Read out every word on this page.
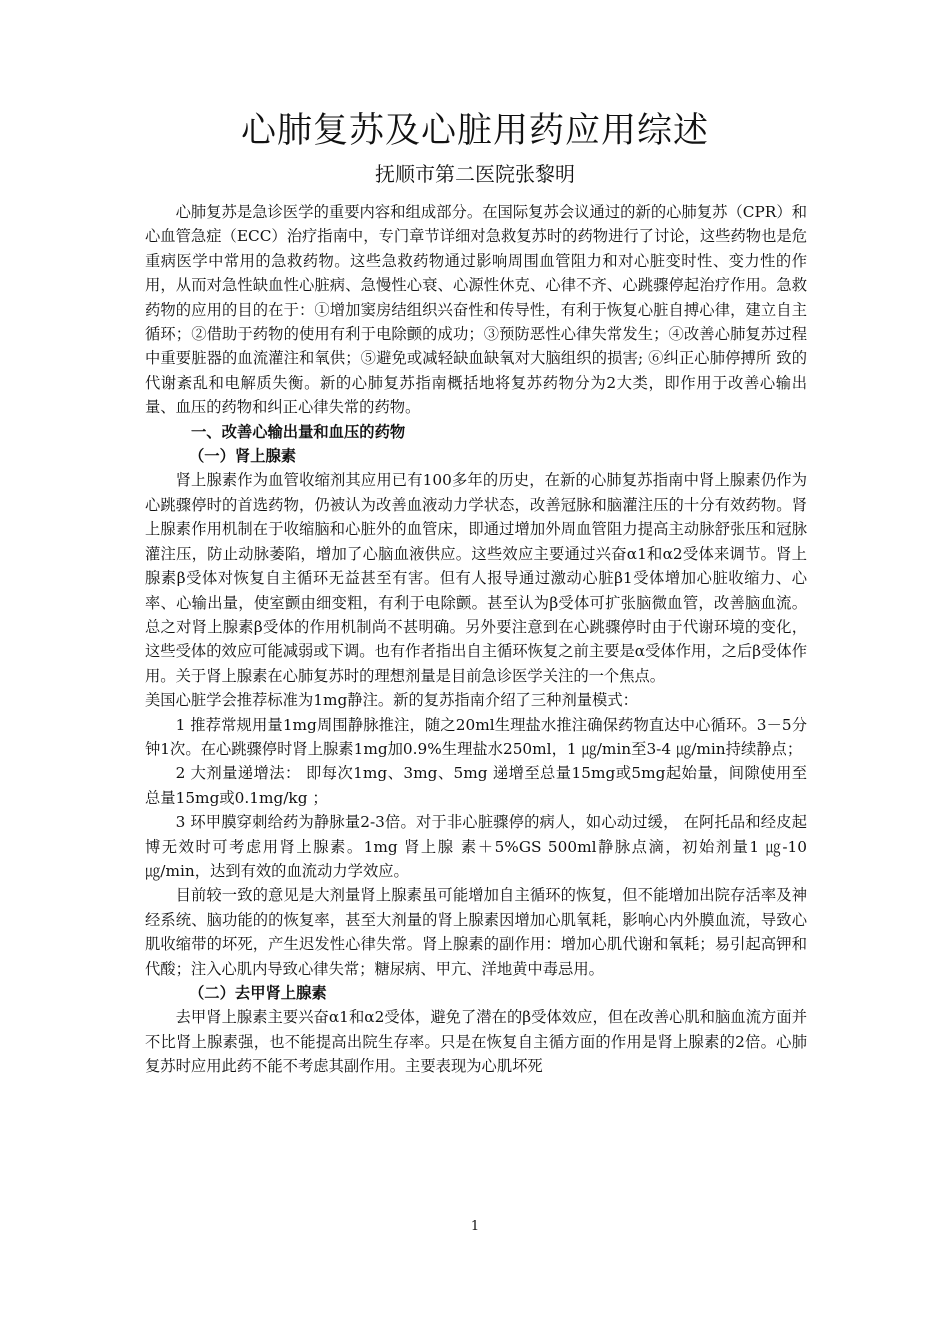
心肺复苏及心脏用药应用综述
抚顺市第二医院张黎明

心肺复苏是急诊医学的重要内容和组成部分。在国际复苏会议通过的新的心肺复苏（CPR）和心血管急症（ECC）治疗指南中，专门章节详细对急救复苏时的药物进行了讨论，这些药物也是危重病医学中常用的急救药物。这些急救药物通过影响周围血管阻力和对心脏变时性、变力性的作用，从而对急性缺血性心脏病、急慢性心衰、心源性休克、心律不齐、心跳骤停起治疗作用。急救药物的应用的目的在于：①增加窦房结组织兴奋性和传导性，有利于恢复心脏自搏心律，建立自主循环；②借助于药物的使用有利于电除颤的成功；③预防恶性心律失常发生；④改善心肺复苏过程中重要脏器的血流灌注和氧供；⑤避免或减轻缺血缺氧对大脑组织的损害; ⑥纠正心肺停搏所 致的代谢紊乱和电解质失衡。新的心肺复苏指南概括地将复苏药物分为2大类，即作用于改善心输出量、血压的药物和纠正心律失常的药物。

一、改善心输出量和血压的药物
（一）肾上腺素

肾上腺素作为血管收缩剂其应用已有100多年的历史，在新的心肺复苏指南中肾上腺素仍作为心跳骤停时的首选药物，仍被认为改善血液动力学状态，改善冠脉和脑灌注压的十分有效药物。肾上腺素作用机制在于收缩脑和心脏外的血管床，即通过增加外周血管阻力提高主动脉舒张压和冠脉灌注压，防止动脉萎陷，增加了心脑血液供应。这些效应主要通过兴奋α1和α2受体来调节。肾上腺素β受体对恢复自主循环无益甚至有害。但有人报导通过激动心脏β1受体增加心脏收缩力、心率、心输出量，使室颤由细变粗，有利于电除颤。甚至认为β受体可扩张脑微血管，改善脑血流。总之对肾上腺素β受体的作用机制尚不甚明确。另外要注意到在心跳骤停时由于代谢环境的变化，这些受体的效应可能减弱或下调。也有作者指出自主循环恢复之前主要是α受体作用，之后β受体作用。关于肾上腺素在心肺复苏时的理想剂量是目前急诊医学关注的一个焦点。

美国心脏学会推荐标准为1mg静注。新的复苏指南介绍了三种剂量模式：

1 推荐常规用量1mg周围静脉推注，随之20ml生理盐水推注确保药物直达中心循环。3－5分钟1次。在心跳骤停时肾上腺素1mg加0.9%生理盐水250ml，1 ㎍/min至3-4 ㎍/min持续静点；

2 大剂量递增法： 即每次1mg、3mg、5mg 递增至总量15mg或5mg起始量，间隙使用至总量15mg或0.1mg/kg ；

3 环甲膜穿刺给药为静脉量2-3倍。对于非心脏骤停的病人，如心动过缓， 在阿托品和经皮起博无效时可考虑用肾上腺素。1mg 肾上腺 素＋5%GS 500ml静脉点滴，初始剂量1 ㎍-10 ㎍/min，达到有效的血流动力学效应。

目前较一致的意见是大剂量肾上腺素虽可能增加自主循环的恢复，但不能增加出院存活率及神经系统、脑功能的的恢复率，甚至大剂量的肾上腺素因增加心肌氧耗，影响心内外膜血流，导致心肌收缩带的坏死，产生迟发性心律失常。肾上腺素的副作用：增加心肌代谢和氧耗；易引起高钾和代酸；注入心肌内导致心律失常；糖尿病、甲亢、洋地黄中毒忌用。

（二）去甲肾上腺素

去甲肾上腺素主要兴奋α1和α2受体，避免了潜在的β受体效应，但在改善心肌和脑血流方面并不比肾上腺素强，也不能提高出院生存率。只是在恢复自主循方面的作用是肾上腺素的2倍。心肺复苏时应用此药不能不考虑其副作用。主要表现为心肌坏死

1
